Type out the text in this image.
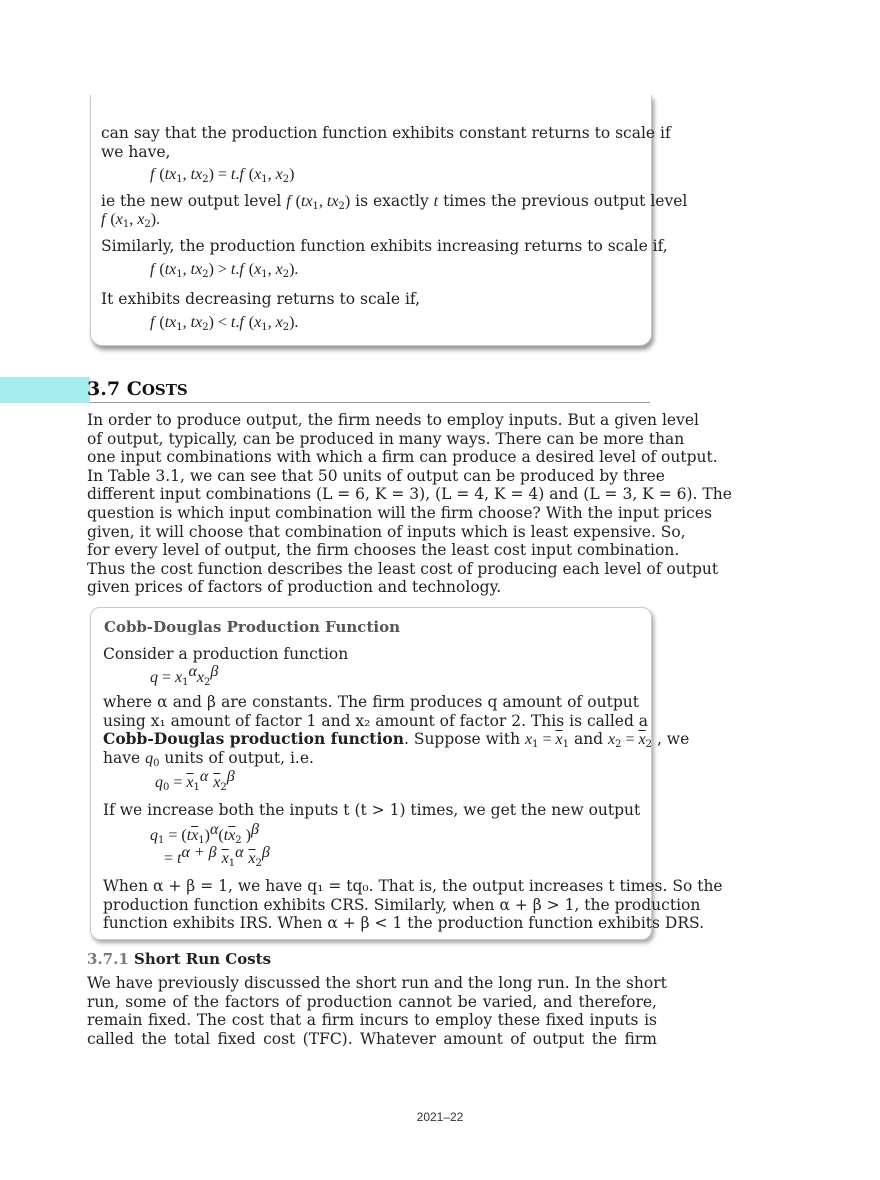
can say that the production function exhibits constant returns to scale if
we have,
f ($tx_1$, $tx_2) = t.f$ ($x_1$, $x_2$)
ie the new output level f ($tx_1$, $tx_2$) is exactly t times the previous output level
f ($x_1$, $x_2$).
Similarly, the production function exhibits increasing returns to scale if,
f ($tx_1$, $tx_2) > t.f$ ($x_1$, $x_2$).
It exhibits decreasing returns to scale if,
f ($tx_1$, $tx_2) < t.f$ ($x_1$, $x_2$).
3.7 COSTS
In order to produce output, the firm needs to employ inputs. But a given level
of output, typically, can be produced in many ways. There can be more than
one input combinations with which a firm can produce a desired level of output.
In Table 3.1, we can see that 50 units of output can be produced by three
different input combinations (L = 6, K = 3), (L = 4, K = 4) and (L = 3, K = 6). The
question is which input combination will the firm choose? With the input prices
given, it will choose that combination of inputs which is least expensive. So,
for every level of output, the firm chooses the least cost input combination.
Thus the cost function describes the least cost of producing each level of output
given prices of factors of production and technology.
Cobb-Douglas Production Function
Consider a production function
$q = x_1^\alpha x_2^\beta$
where α and β are constants. The firm produces q amount of output
using x₁ amount of factor 1 and x₂ amount of factor 2. This is called a
Cobb-Douglas production function. Suppose with $x_1 = \overline{x}_1$ and $x_2 = \overline{x}_2$ , we
have $q_0$ units of output, i.e.
$q_0 = \overline{x}_1^\alpha$ $\overline{x}_2^\beta$
If we increase both the inputs t (t > 1) times, we get the new output
$q_1 = (t\overline{x}_1)^\alpha(t\overline{x}_2$ )$^\beta$
= $t^{\alpha + \beta}$ $\overline{x}_1^\alpha$ $\overline{x}_2^\beta$
When α + β = 1, we have q₁ = tq₀. That is, the output increases t times. So the
production function exhibits CRS. Similarly, when α + β > 1, the production
function exhibits IRS. When α + β < 1 the production function exhibits DRS.
3.7.1 Short Run Costs
We have previously discussed the short run and the long run. In the short
run, some of the factors of production cannot be varied, and therefore,
remain fixed. The cost that a firm incurs to employ these fixed inputs is
called the total fixed cost (TFC). Whatever amount of output the firm
2021–22
